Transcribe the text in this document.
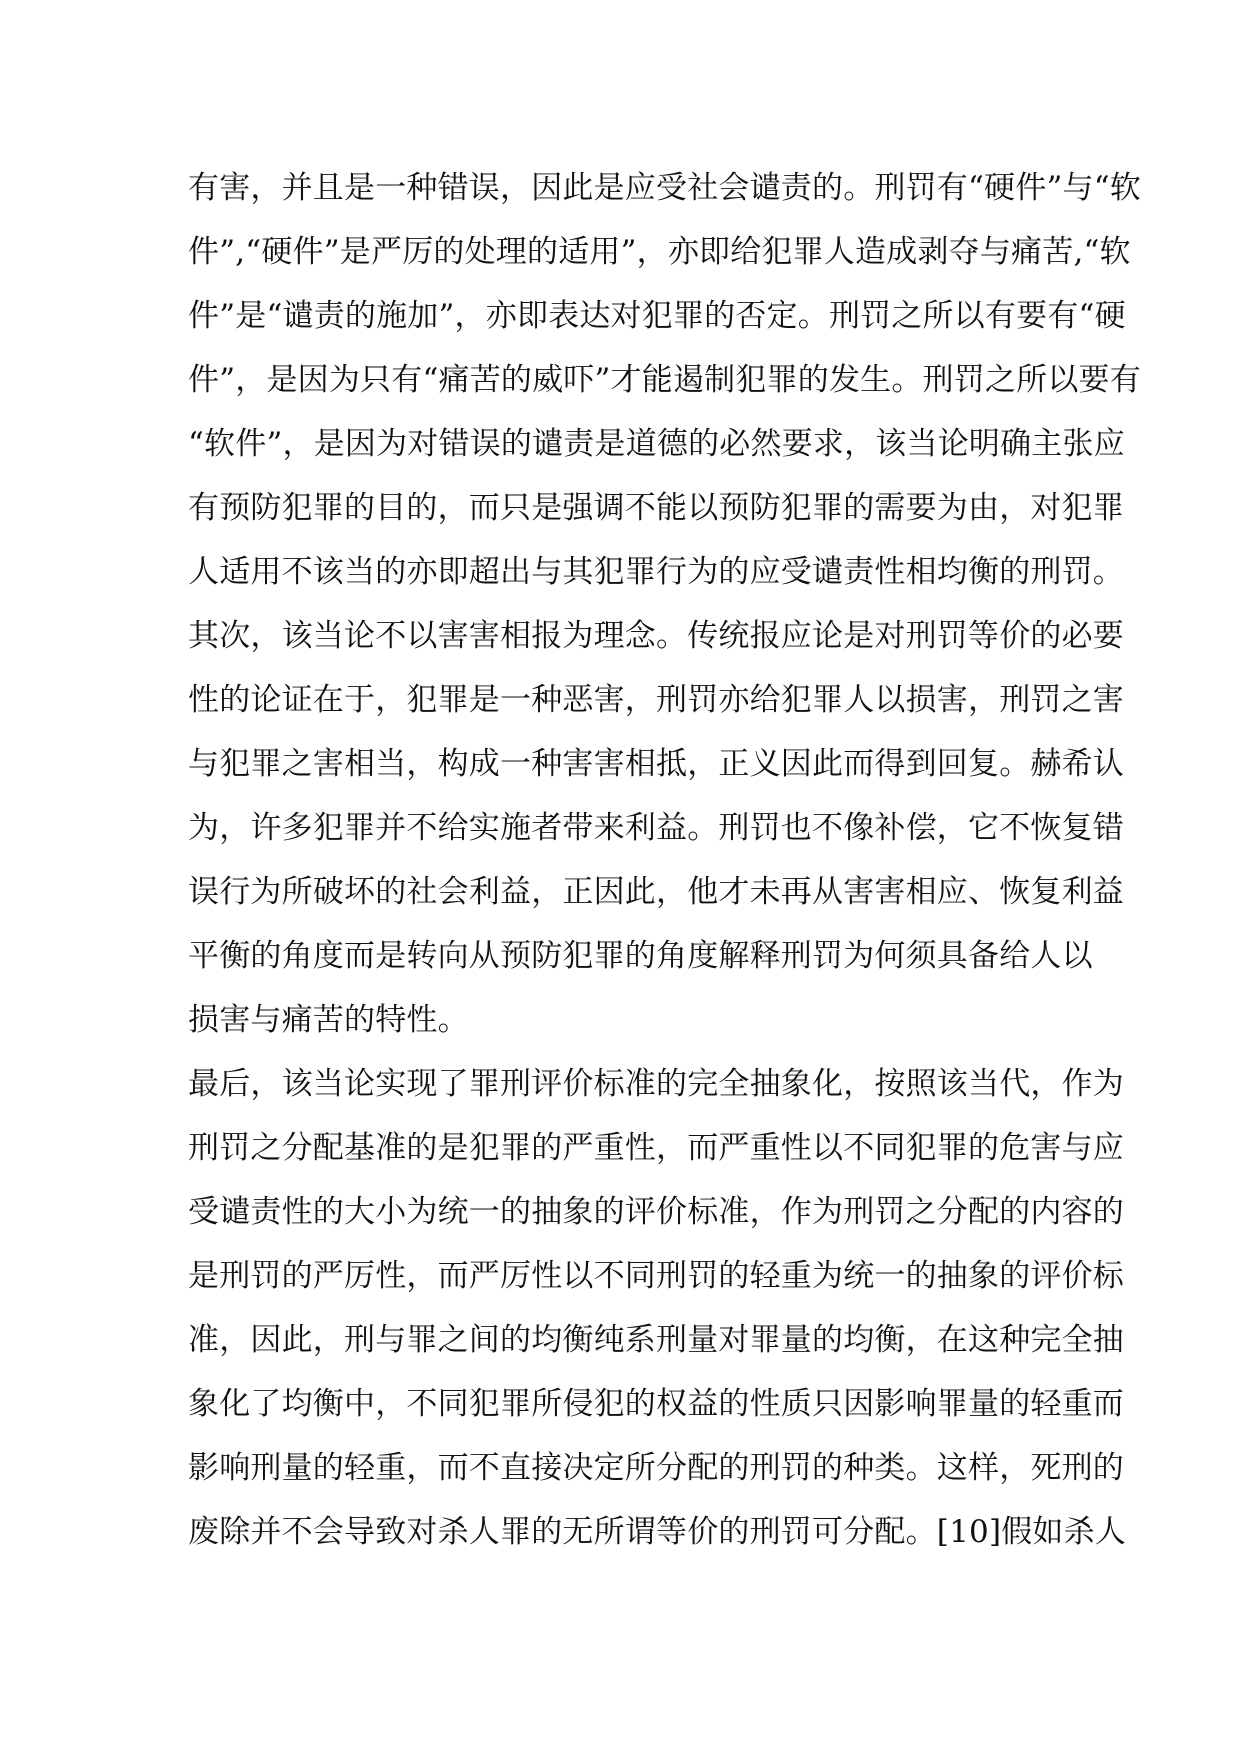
有害，并且是一种错误，因此是应受社会谴责的。刑罚有“硬件”与“软
件”,“硬件”是严厉的处理的适用”，亦即给犯罪人造成剥夺与痛苦,“软
件”是“谴责的施加”，亦即表达对犯罪的否定。刑罚之所以有要有“硬
件”，是因为只有“痛苦的威吓”才能遏制犯罪的发生。刑罚之所以要有
“软件”，是因为对错误的谴责是道德的必然要求，该当论明确主张应
有预防犯罪的目的，而只是强调不能以预防犯罪的需要为由，对犯罪
人适用不该当的亦即超出与其犯罪行为的应受谴责性相均衡的刑罚。
其次，该当论不以害害相报为理念。传统报应论是对刑罚等价的必要
性的论证在于，犯罪是一种恶害，刑罚亦给犯罪人以损害，刑罚之害
与犯罪之害相当，构成一种害害相抵，正义因此而得到回复。赫希认
为，许多犯罪并不给实施者带来利益。刑罚也不像补偿，它不恢复错
误行为所破坏的社会利益，正因此，他才未再从害害相应、恢复利益
平衡的角度而是转向从预防犯罪的角度解释刑罚为何须具备给人以
损害与痛苦的特性。
最后，该当论实现了罪刑评价标准的完全抽象化，按照该当代，作为
刑罚之分配基准的是犯罪的严重性，而严重性以不同犯罪的危害与应
受谴责性的大小为统一的抽象的评价标准，作为刑罚之分配的内容的
是刑罚的严厉性，而严厉性以不同刑罚的轻重为统一的抽象的评价标
准，因此，刑与罪之间的均衡纯系刑量对罪量的均衡，在这种完全抽
象化了均衡中，不同犯罪所侵犯的权益的性质只因影响罪量的轻重而
影响刑量的轻重，而不直接决定所分配的刑罚的种类。这样，死刑的
废除并不会导致对杀人罪的无所谓等价的刑罚可分配。[10]假如杀人
